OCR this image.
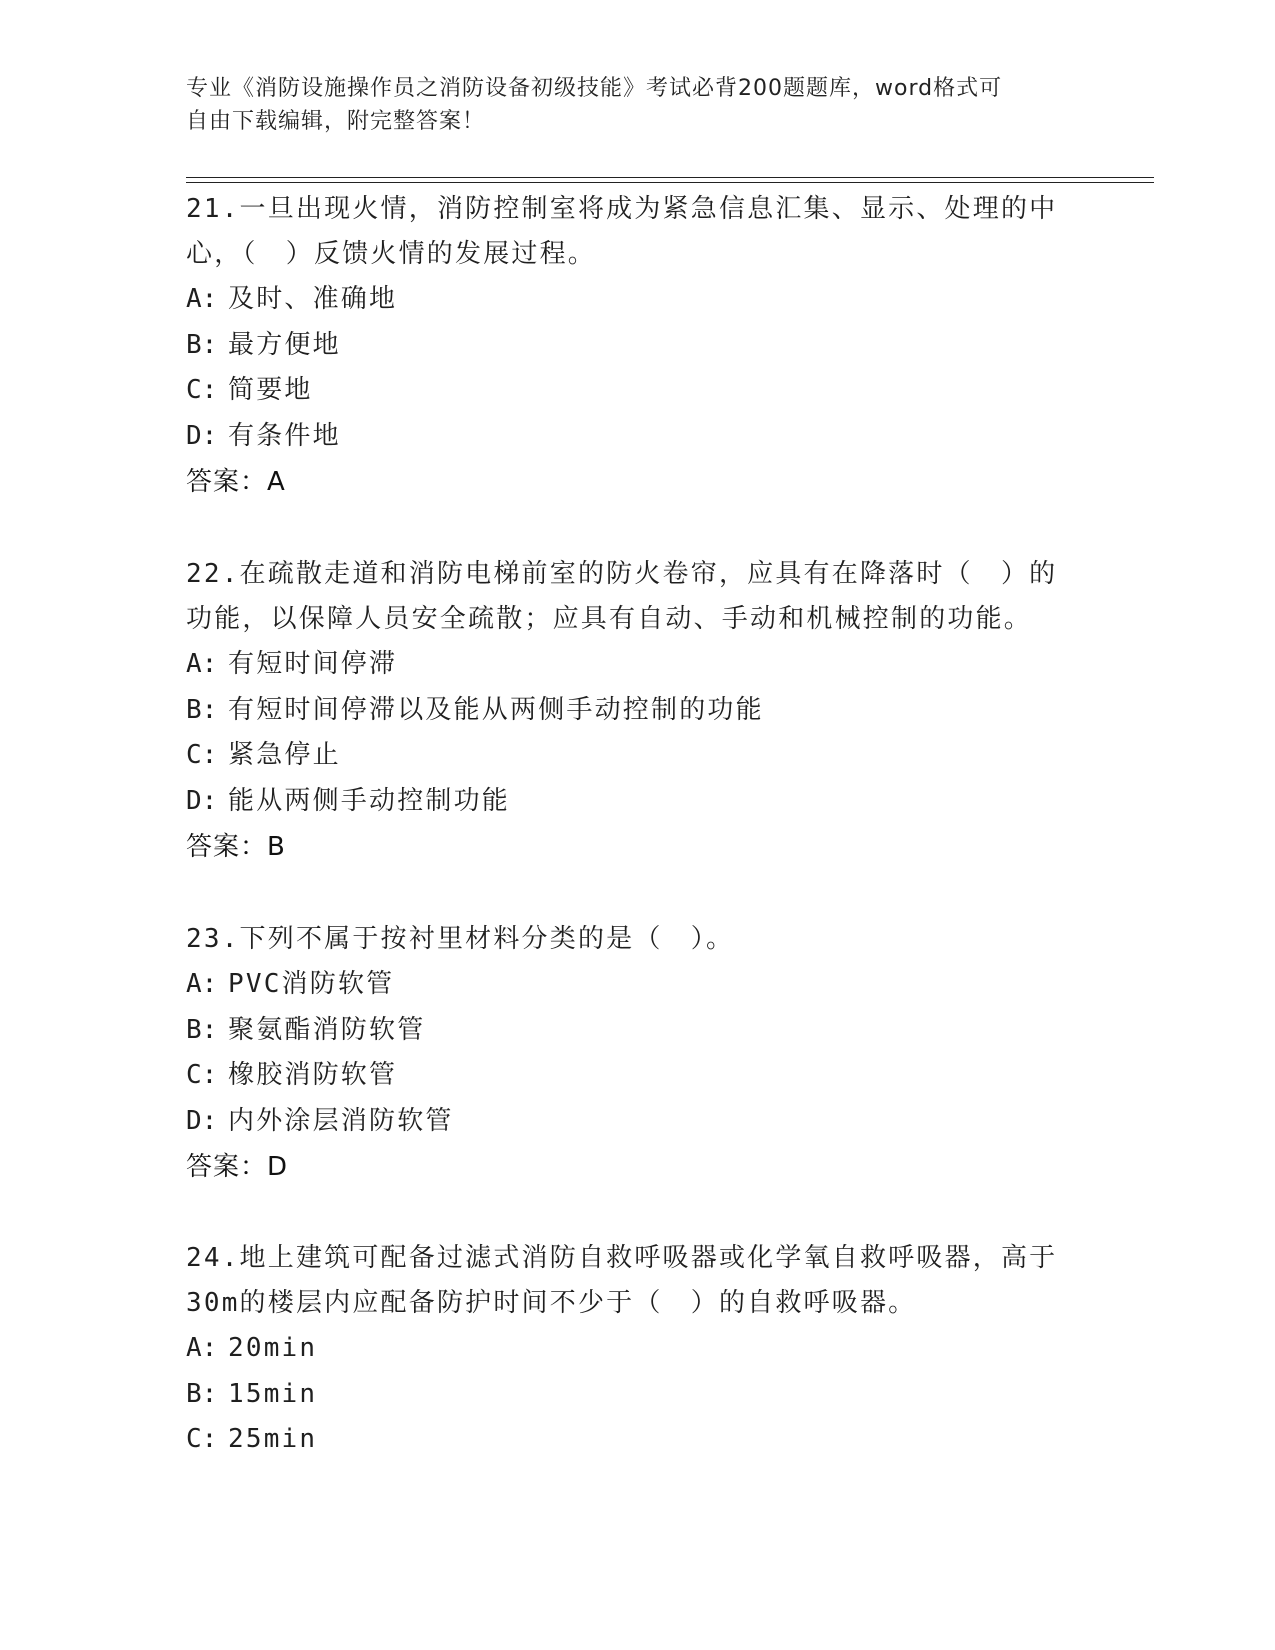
专业《消防设施操作员之消防设备初级技能》考试必背200题题库，word格式可
自由下载编辑，附完整答案！
21.一旦出现火情，消防控制室将成为紧急信息汇集、显示、处理的中
心，（　）反馈火情的发展过程。
A: 及时、准确地
B: 最方便地
C: 简要地
D: 有条件地
答案：A
22.在疏散走道和消防电梯前室的防火卷帘，应具有在降落时（　）的
功能，以保障人员安全疏散；应具有自动、手动和机械控制的功能。
A: 有短时间停滞
B: 有短时间停滞以及能从两侧手动控制的功能
C: 紧急停止
D: 能从两侧手动控制功能
答案：B
23.下列不属于按衬里材料分类的是（　）。
A: PVC消防软管
B: 聚氨酯消防软管
C: 橡胶消防软管
D: 内外涂层消防软管
答案：D
24.地上建筑可配备过滤式消防自救呼吸器或化学氧自救呼吸器，高于
30m的楼层内应配备防护时间不少于（　）的自救呼吸器。
A: 20min
B: 15min
C: 25min
